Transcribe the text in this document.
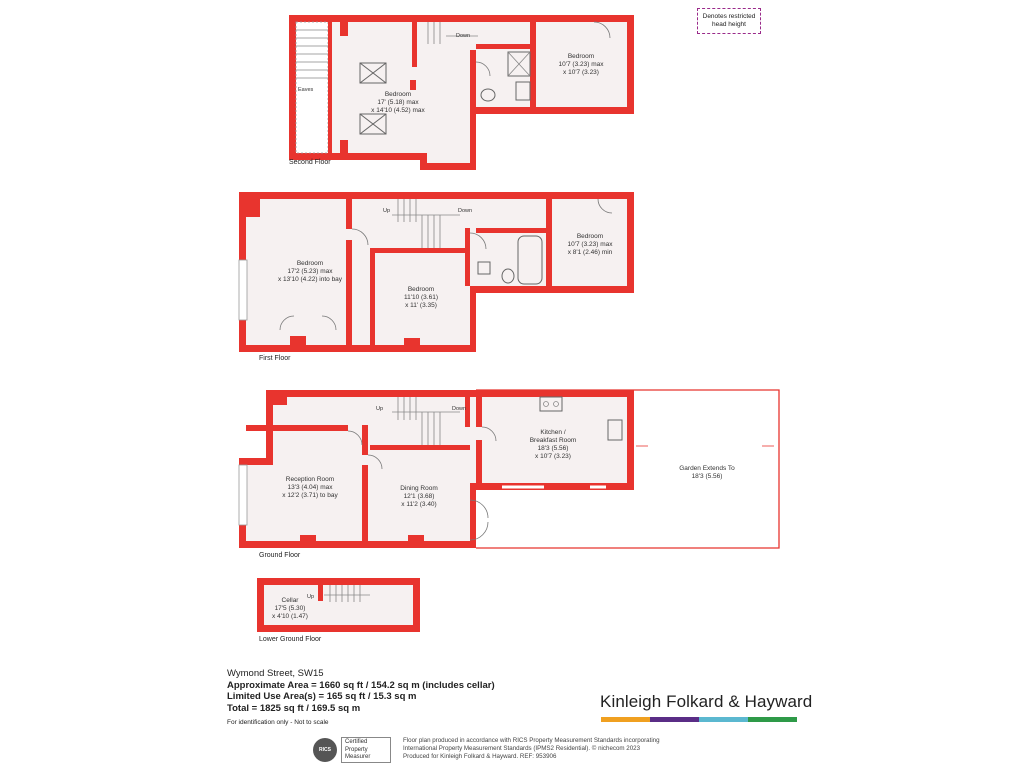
Second Floor
Eaves
Bedroom
17' (5.18) max
x 14'10 (4.52) max
Bedroom
10'7 (3.23) max
x 10'7 (3.23)
Down
First Floor
Bedroom
17'2 (5.23) max
x 13'10 (4.22) into bay
Bedroom
11'10 (3.61)
x 11' (3.35)
Bedroom
10'7 (3.23) max
x 8'1 (2.46) min
Up	Down
Ground Floor
Reception Room
13'3 (4.04) max
x 12'2 (3.71) to bay
Dining Room
12'1 (3.68)
x 11'2 (3.40)
Kitchen /
Breakfast Room
18'3 (5.56)
x 10'7 (3.23)
Garden Extends To
18'3 (5.56)
Up	Down
Lower Ground Floor
Cellar
17'5 (5.30)
x 4'10 (1.47)
Up
Denotes restricted
head height
Wymond Street, SW15
Approximate Area = 1660 sq ft / 154.2 sq m (includes cellar)
Limited Use Area(s) = 165 sq ft / 15.3 sq m
Total = 1825 sq ft / 169.5 sq m
For identification only - Not to scale
Kinleigh Folkard & Hayward
RICS
Certified
Property
Measurer
Floor plan produced in accordance with RICS Property Measurement Standards incorporating
International Property Measurement Standards (IPMS2 Residential). © nichecom 2023
Produced for Kinleigh Folkard & Hayward. REF: 953906
